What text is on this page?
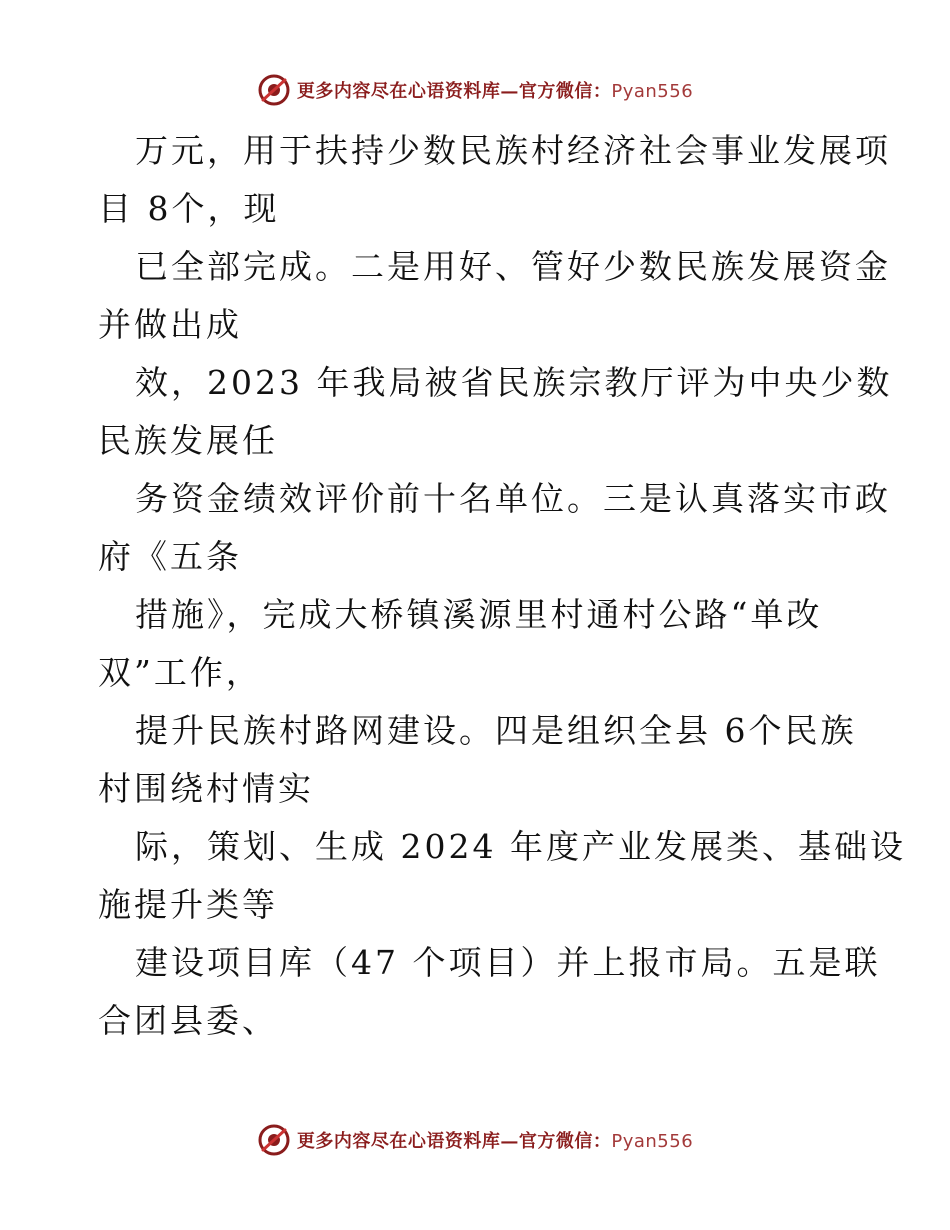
更多内容尽在心语资料库—官方微信：Pyan556

万元，用于扶持少数民族村经济社会事业发展项

目 8个，现

已全部完成。二是用好、管好少数民族发展资金

并做出成

效，2023 年我局被省民族宗教厅评为中央少数

民族发展任

务资金绩效评价前十名单位。三是认真落实市政

府《五条

措施》，完成大桥镇溪源里村通村公路“单改

双”工作，

提升民族村路网建设。四是组织全县 6个民族

村围绕村情实

际，策划、生成 2024 年度产业发展类、基础设

施提升类等

建设项目库（47 个项目）并上报市局。五是联

合团县委、

更多内容尽在心语资料库—官方微信：Pyan556
